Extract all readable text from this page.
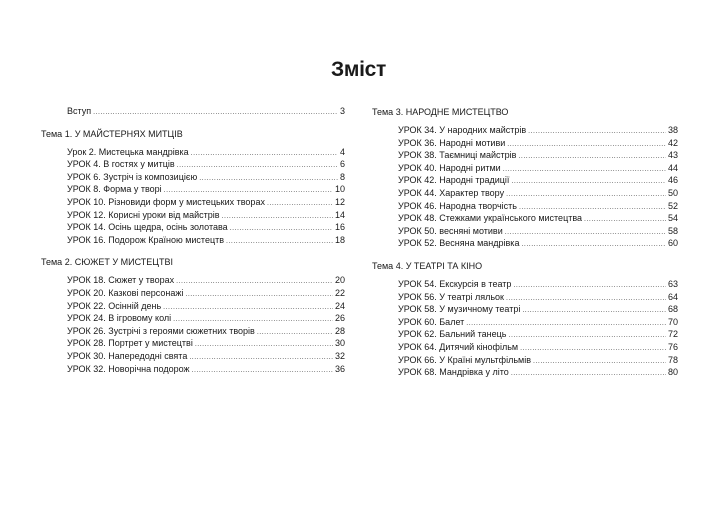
Зміст
Вступ .....	3
Тема 1. У МАЙСТЕРНЯХ МИТЦІВ
Урок 2. Мистецька мандрівка .....	4
УРОК 4. В гостях у митців .....	6
УРОК 6. Зустріч із композицією .....	8
УРОК 8. Форма у творі .....	10
УРОК 10. Різновиди форм у мистецьких творах .....	12
УРОК 12. Корисні уроки від майстрів .....	14
УРОК 14. Осінь щедра, осінь золотава .....	16
УРОК 16. Подорож Країною мистецтв .....	18
Тема 2. СЮЖЕТ У МИСТЕЦТВІ
УРОК 18. Сюжет у творах .....	20
УРОК 20. Казкові персонажі .....	22
УРОК 22. Осінній день .....	24
УРОК 24. В ігровому колі .....	26
УРОК 26. Зустрічі з героями сюжетних творів .....	28
УРОК 28. Портрет у мистецтві .....	30
УРОК 30. Напередодні свята .....	32
УРОК 32. Новорічна подорож .....	36
Тема 3. НАРОДНЕ МИСТЕЦТВО
УРОК 34. У народних майстрів .....	38
УРОК 36. Народні мотиви .....	42
УРОК 38. Таємниці майстрів .....	43
УРОК 40. Народні ритми .....	44
УРОК 42. Народні традиції .....	46
УРОК 44. Характер твору .....	50
УРОК 46. Народна творчість .....	52
УРОК 48. Стежками українського мистецтва .....	54
УРОК 50. весняні мотиви .....	58
УРОК 52. Весняна мандрівка .....	60
Тема 4. У ТЕАТРІ ТА КІНО
УРОК 54. Екскурсія в театр .....	63
УРОК 56. У театрі ляльок .....	64
УРОК 58. У музичному театрі .....	68
УРОК 60. Балет .....	70
УРОК 62. Бальний танець .....	72
УРОК 64. Дитячий кінофільм .....	76
УРОК 66. У Країні мультфільмів .....	78
УРОК 68. Мандрівка у літо .....	80
